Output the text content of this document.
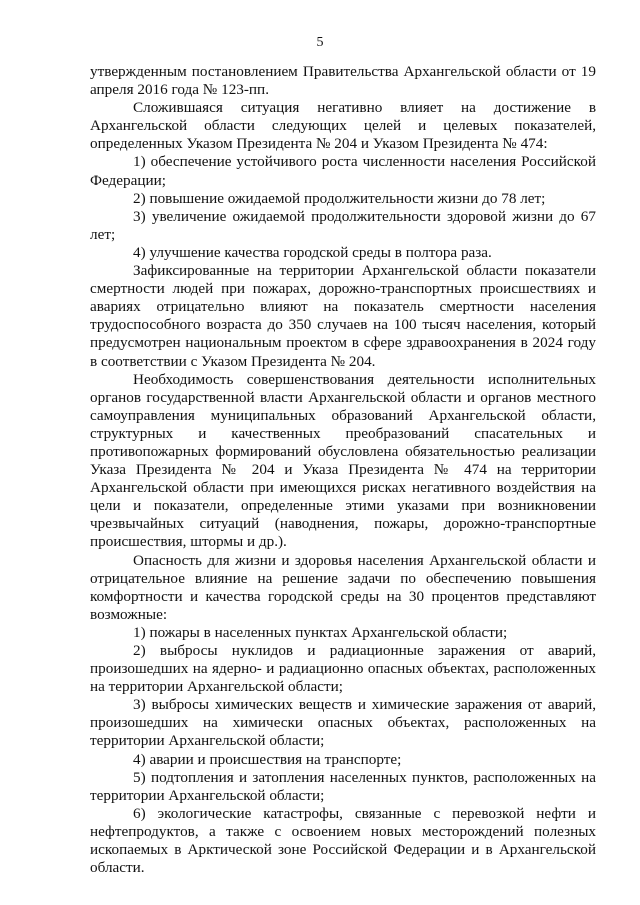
5

утвержденным постановлением Правительства Архангельской области от 19 апреля 2016 года № 123-пп.

Сложившаяся ситуация негативно влияет на достижение в Архангельской области следующих целей и целевых показателей, определенных Указом Президента № 204 и Указом Президента № 474:

1) обеспечение устойчивого роста численности населения Российской Федерации;

2) повышение ожидаемой продолжительности жизни до 78 лет;

3) увеличение ожидаемой продолжительности здоровой жизни до 67 лет;

4) улучшение качества городской среды в полтора раза.

Зафиксированные на территории Архангельской области показатели смертности людей при пожарах, дорожно-транспортных происшествиях и авариях отрицательно влияют на показатель смертности населения трудоспособного возраста до 350 случаев на 100 тысяч населения, который предусмотрен национальным проектом в сфере здравоохранения в 2024 году в соответствии с Указом Президента № 204.

Необходимость совершенствования деятельности исполнительных органов государственной власти Архангельской области и органов местного самоуправления муниципальных образований Архангельской области, структурных и качественных преобразований спасательных и противопожарных формирований обусловлена обязательностью реализации Указа Президента № 204 и Указа Президента № 474 на территории Архангельской области при имеющихся рисках негативного воздействия на цели и показатели, определенные этими указами при возникновении чрезвычайных ситуаций (наводнения, пожары, дорожно-транспортные происшествия, штормы и др.).

Опасность для жизни и здоровья населения Архангельской области и отрицательное влияние на решение задачи по обеспечению повышения комфортности и качества городской среды на 30 процентов представляют возможные:

1) пожары в населенных пунктах Архангельской области;

2) выбросы нуклидов и радиационные заражения от аварий, произошедших на ядерно- и радиационно опасных объектах, расположенных на территории Архангельской области;

3) выбросы химических веществ и химические заражения от аварий, произошедших на химически опасных объектах, расположенных на территории Архангельской области;

4) аварии и происшествия на транспорте;

5) подтопления и затопления населенных пунктов, расположенных на территории Архангельской области;

6) экологические катастрофы, связанные с перевозкой нефти и нефтепродуктов, а также с освоением новых месторождений полезных ископаемых в Арктической зоне Российской Федерации и в Архангельской области.
